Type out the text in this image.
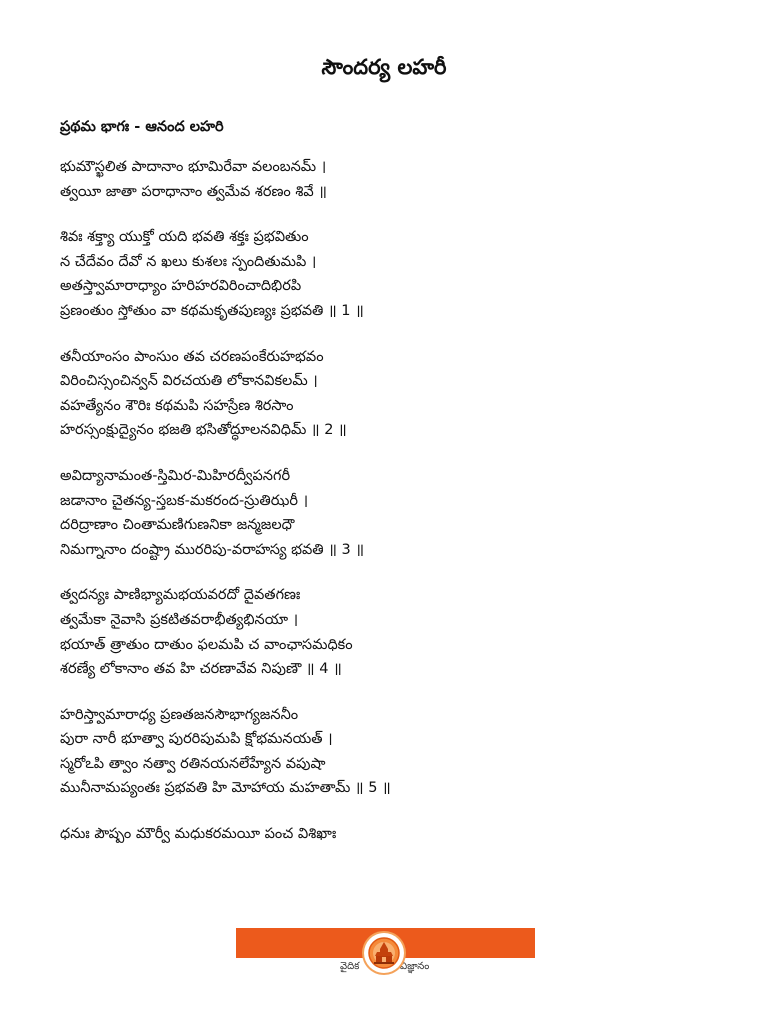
సౌందర్య లహరీ
ప్రథమ భాగః - ఆనంద లహరి
భుమౌస్ఖలిత పాదానాం భూమిరేవా వలంబనమ్ ।
త్వయీ జాతా పరాధానాం త్వమేవ శరణం శివే ॥
శివః శక్త్యా యుక్తో యది భవతి శక్తః ప్రభవితుం
న చేదేవం దేవో న ఖలు కుశలః స్పందితుమపి ।
అతస్త్వామారాధ్యాం హరిహరవిరించాదిభిరపి
ప్రణంతుం స్తోతుం వా కథమకృతపుణ్యః ప్రభవతి ॥ 1 ॥
తనీయాంసం పాంసుం తవ చరణపంకేరుహభవం
విరించిస్సంచిన్వన్ విరచయతి లోకానవికలమ్ ।
వహత్యేనం శౌరిః కథమపి సహస్రేణ శిరసాం
హరస్సంక్షుద్యైనం భజతి భసితోద్ధూలనవిధిమ్ ॥ 2 ॥
అవిద్యానామంత-స్తిమిర-మిహిరద్వీపనగరీ
జడానాం చైతన్య-స్తబక-మకరంద-స్రుతిఝరీ ।
దరిద్రాణాం చింతామణిగుణనికా జన్మజలధౌ
నిమగ్నానాం దంష్ట్రా మురరిపు-వరాహస్య భవతి ॥ 3 ॥
త్వదన్యః పాణిభ్యామభయవరదో దైవతగణః
త్వమేకా నైవాసి ప్రకటితవరాభీత్యభినయా ।
భయాత్ త్రాతుం దాతుం ఫలమపి చ వాంఛాసమధికం
శరణ్యే లోకానాం తవ హి చరణావేవ నిపుణౌ ॥ 4 ॥
హరిస్త్వామారాధ్య ప్రణతజనసౌభాగ్యజననీం
పురా నారీ భూత్వా పురరిపుమపి క్షోభమనయత్ ।
స్మరోఽపి త్వాం నత్వా రతినయనలేహ్యేన వపుషా
మునీనామప్యంతః ప్రభవతి హి మోహాయ మహతామ్ ॥ 5 ॥
ధనుః పౌష్పం మౌర్వీ మధుకరమయీ పంచ విశిఖాః
వైదిక	విజ్ఞానం
